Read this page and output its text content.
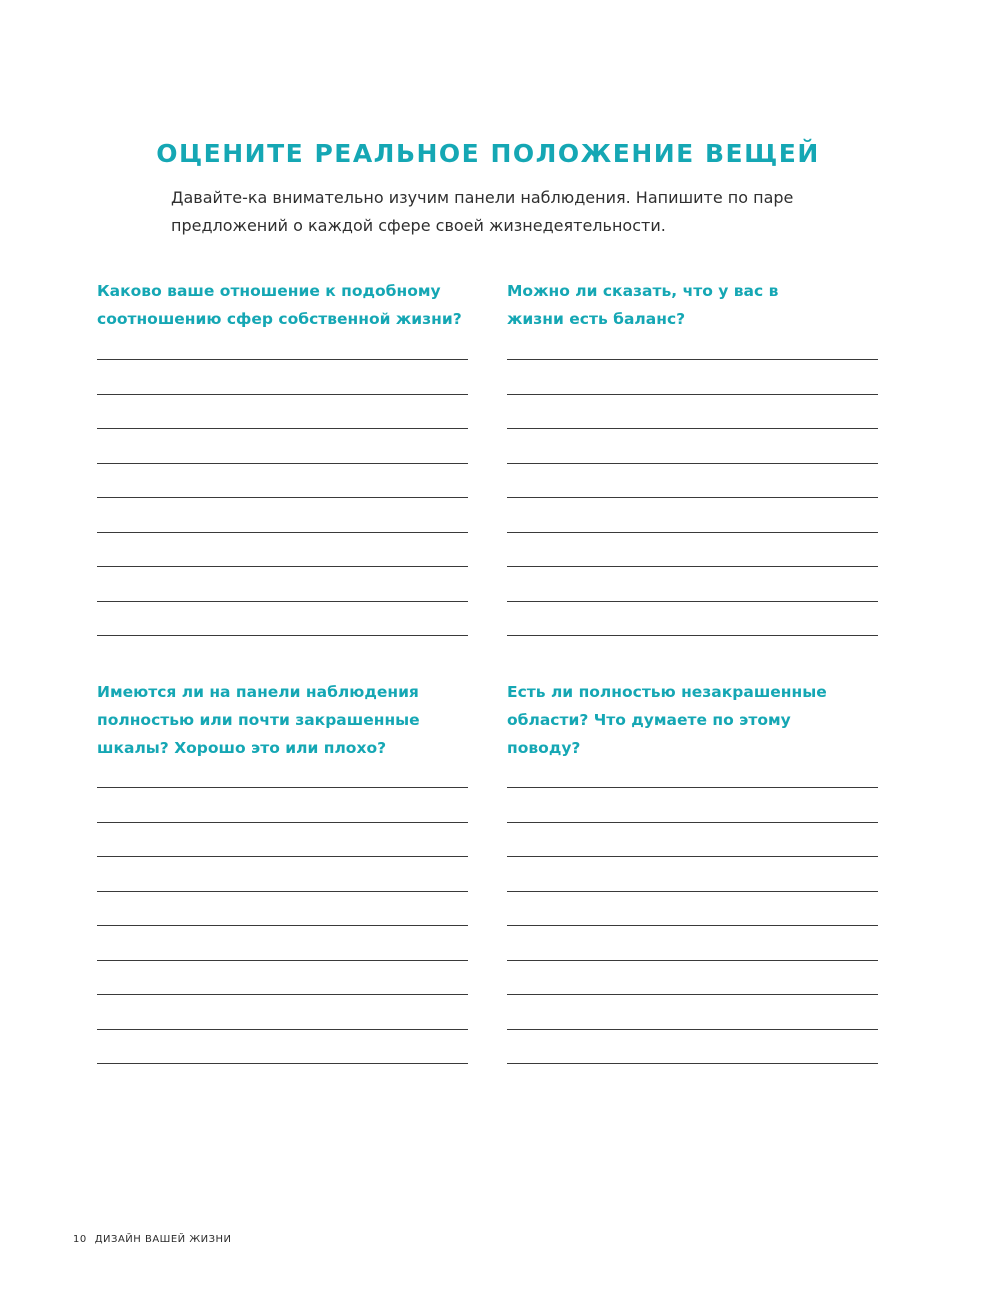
ОЦЕНИТЕ РЕАЛЬНОЕ ПОЛОЖЕНИЕ ВЕЩЕЙ

Давайте-ка внимательно изучим панели наблюдения. Напишите по паре предложений о каждой сфере своей жизнедеятельности.

Каково ваше отношение к подобному соотношению сфер собственной жизни?

Можно ли сказать, что у вас в жизни есть баланс?

Имеются ли на панели наблюдения полностью или почти закрашенные шкалы? Хорошо это или плохо?

Есть ли полностью незакрашенные области? Что думаете по этому поводу?

10 ДИЗАЙН ВАШЕЙ ЖИЗНИ
